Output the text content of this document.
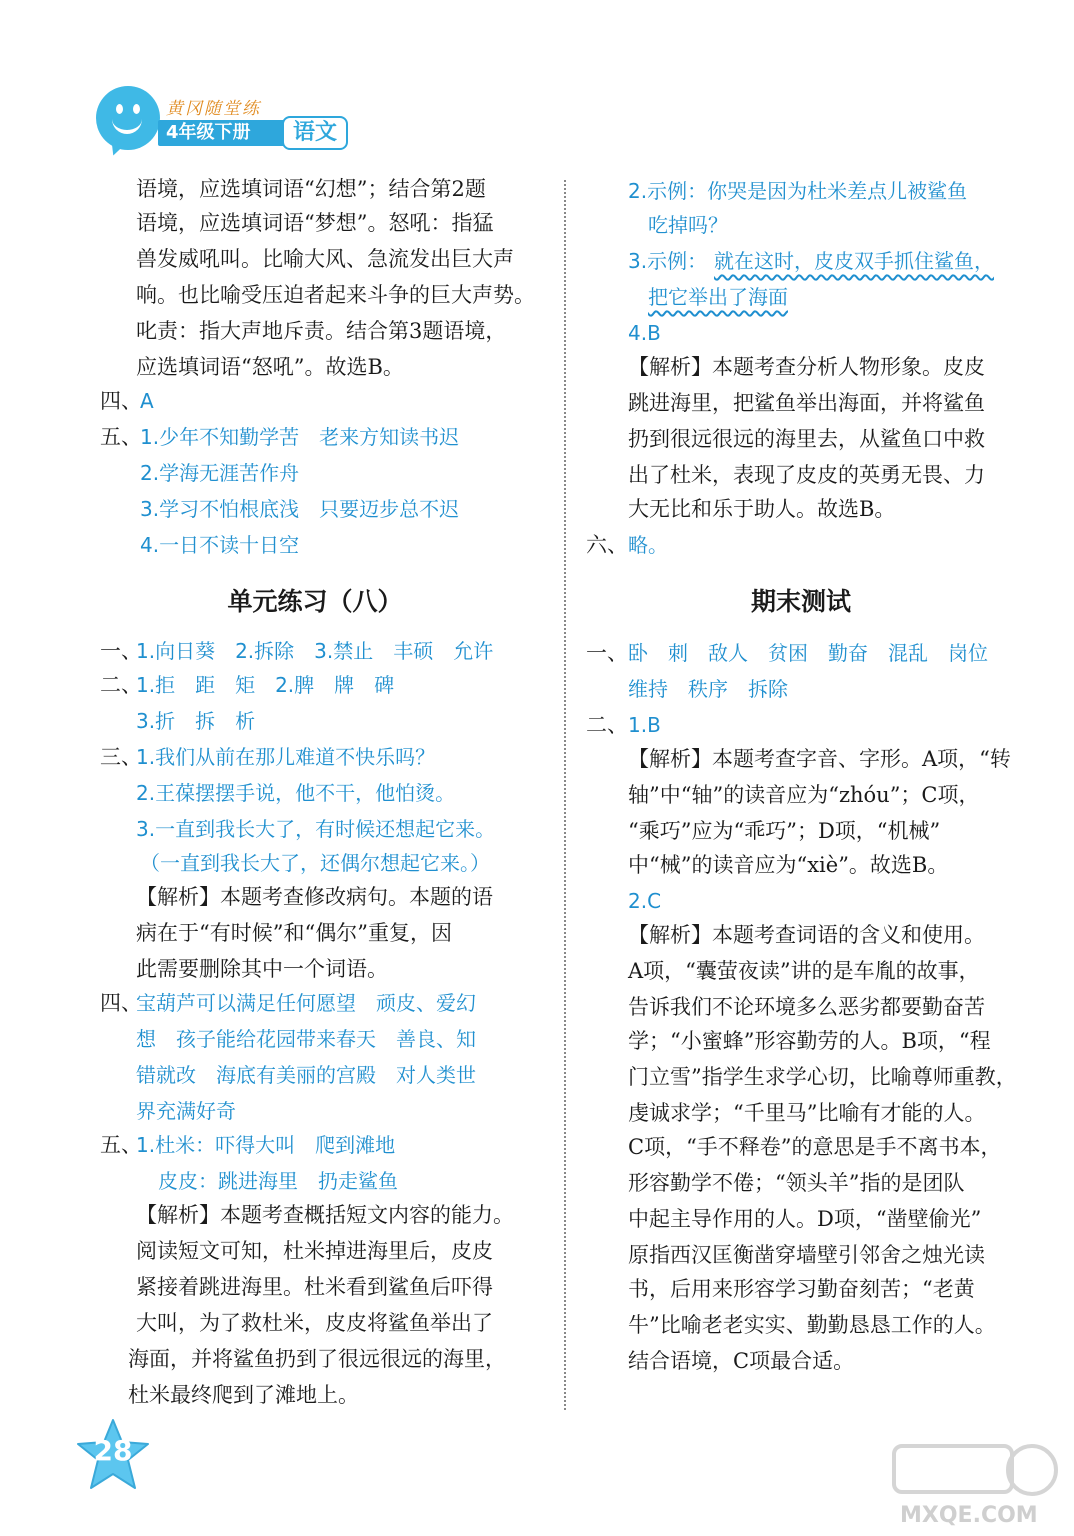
黄冈随堂练
4年级下册	语文
语境，应选填词语“幻想”；结合第2题
语境，应选填词语“梦想”。怒吼：指猛
兽发威吼叫。比喻大风、急流发出巨大声
响。也比喻受压迫者起来斗争的巨大声势。
叱责：指大声地斥责。结合第3题语境，
应选填词语“怒吼”。故选B。
四、
A
五、
1.少年不知勤学苦　老来方知读书迟
2.学海无涯苦作舟
3.学习不怕根底浅　只要迈步总不迟
4.一日不读十日空
单元练习（八）
一、
1.向日葵　2.拆除　3.禁止　丰硕　允许
二、
1.拒　距　矩　2.脾　牌　碑
3.折　拆　析
三、
1.我们从前在那儿难道不快乐吗？
2.王葆摆摆手说，他不干，他怕烫。
3.一直到我长大了，有时候还想起它来。
（一直到我长大了，还偶尔想起它来。）
【解析】本题考查修改病句。本题的语
病在于“有时候”和“偶尔”重复，因
此需要删除其中一个词语。
四、
宝葫芦可以满足任何愿望　顽皮、爱幻
想　孩子能给花园带来春天　善良、知
错就改　海底有美丽的宫殿　对人类世
界充满好奇
五、
1.杜米：吓得大叫　爬到滩地
皮皮：跳进海里　扔走鲨鱼
【解析】本题考查概括短文内容的能力。
阅读短文可知，杜米掉进海里后，皮皮
紧接着跳进海里。杜米看到鲨鱼后吓得
大叫，为了救杜米，皮皮将鲨鱼举出了
海面，并将鲨鱼扔到了很远很远的海里，
杜米最终爬到了滩地上。
2.示例：你哭是因为杜米差点儿被鲨鱼
吃掉吗？
3.示例： 就在这时，皮皮双手抓住鲨鱼，
把它举出了海面
4.B
【解析】本题考查分析人物形象。皮皮
跳进海里，把鲨鱼举出海面，并将鲨鱼
扔到很远很远的海里去，从鲨鱼口中救
出了杜米，表现了皮皮的英勇无畏、力
大无比和乐于助人。故选B。
六、 略。
期末测试
一、 卧　刺　敌人　贫困　勤奋　混乱　岗位
维持　秩序　拆除
二、 1.B
【解析】本题考查字音、字形。A项，“转
轴”中“轴”的读音应为“zhóu”；C项，
“乘巧”应为“乖巧”；D项，“机械”
中“械”的读音应为“xiè”。故选B。
2.C
【解析】本题考查词语的含义和使用。
A项，“囊萤夜读”讲的是车胤的故事，
告诉我们不论环境多么恶劣都要勤奋苦
学；“小蜜蜂”形容勤劳的人。B项，“程
门立雪”指学生求学心切，比喻尊师重教，
虔诚求学；“千里马”比喻有才能的人。
C项，“手不释卷”的意思是手不离书本，
形容勤学不倦；“领头羊”指的是团队
中起主导作用的人。D项，“凿壁偷光”
原指西汉匡衡凿穿墙壁引邻舍之烛光读
书，后用来形容学习勤奋刻苦；“老黄
牛”比喻老老实实、勤勤恳恳工作的人。
结合语境，C项最合适。
28
MXQE.COM
